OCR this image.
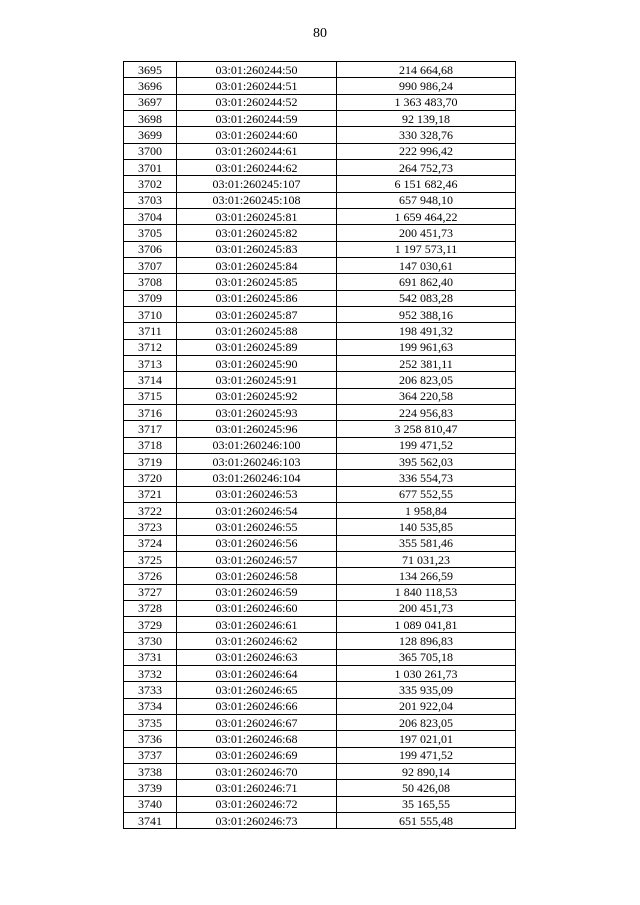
80
3695	03:01:260244:50	214 664,68
3696	03:01:260244:51	990 986,24
3697	03:01:260244:52	1 363 483,70
3698	03:01:260244:59	92 139,18
3699	03:01:260244:60	330 328,76
3700	03:01:260244:61	222 996,42
3701	03:01:260244:62	264 752,73
3702	03:01:260245:107	6 151 682,46
3703	03:01:260245:108	657 948,10
3704	03:01:260245:81	1 659 464,22
3705	03:01:260245:82	200 451,73
3706	03:01:260245:83	1 197 573,11
3707	03:01:260245:84	147 030,61
3708	03:01:260245:85	691 862,40
3709	03:01:260245:86	542 083,28
3710	03:01:260245:87	952 388,16
3711	03:01:260245:88	198 491,32
3712	03:01:260245:89	199 961,63
3713	03:01:260245:90	252 381,11
3714	03:01:260245:91	206 823,05
3715	03:01:260245:92	364 220,58
3716	03:01:260245:93	224 956,83
3717	03:01:260245:96	3 258 810,47
3718	03:01:260246:100	199 471,52
3719	03:01:260246:103	395 562,03
3720	03:01:260246:104	336 554,73
3721	03:01:260246:53	677 552,55
3722	03:01:260246:54	1 958,84
3723	03:01:260246:55	140 535,85
3724	03:01:260246:56	355 581,46
3725	03:01:260246:57	71 031,23
3726	03:01:260246:58	134 266,59
3727	03:01:260246:59	1 840 118,53
3728	03:01:260246:60	200 451,73
3729	03:01:260246:61	1 089 041,81
3730	03:01:260246:62	128 896,83
3731	03:01:260246:63	365 705,18
3732	03:01:260246:64	1 030 261,73
3733	03:01:260246:65	335 935,09
3734	03:01:260246:66	201 922,04
3735	03:01:260246:67	206 823,05
3736	03:01:260246:68	197 021,01
3737	03:01:260246:69	199 471,52
3738	03:01:260246:70	92 890,14
3739	03:01:260246:71	50 426,08
3740	03:01:260246:72	35 165,55
3741	03:01:260246:73	651 555,48
